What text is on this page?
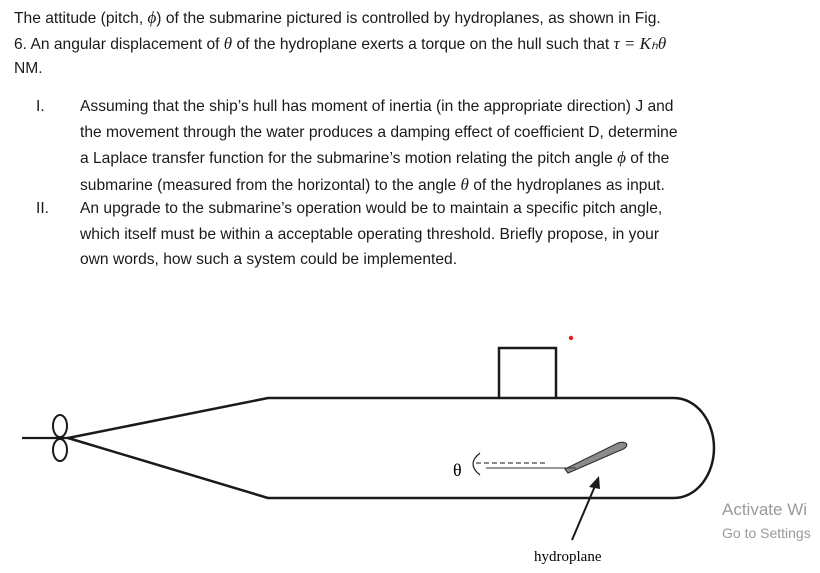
The attitude (pitch, ϕ) of the submarine pictured is controlled by hydroplanes, as shown in Fig.
6. An angular displacement of θ of the hydroplane exerts a torque on the hull such that τ = Kₕθ
NM.
I. Assuming that the ship’s hull has moment of inertia (in the appropriate direction) J and
the movement through the water produces a damping effect of coefficient D, determine
a Laplace transfer function for the submarine’s motion relating the pitch angle ϕ of the
submarine (measured from the horizontal) to the angle θ of the hydroplanes as input.
II. An upgrade to the submarine’s operation would be to maintain a specific pitch angle,
which itself must be within a acceptable operating threshold. Briefly propose, in your
own words, how such a system could be implemented.
θ
hydroplane
Activate Wi
Go to Settings
